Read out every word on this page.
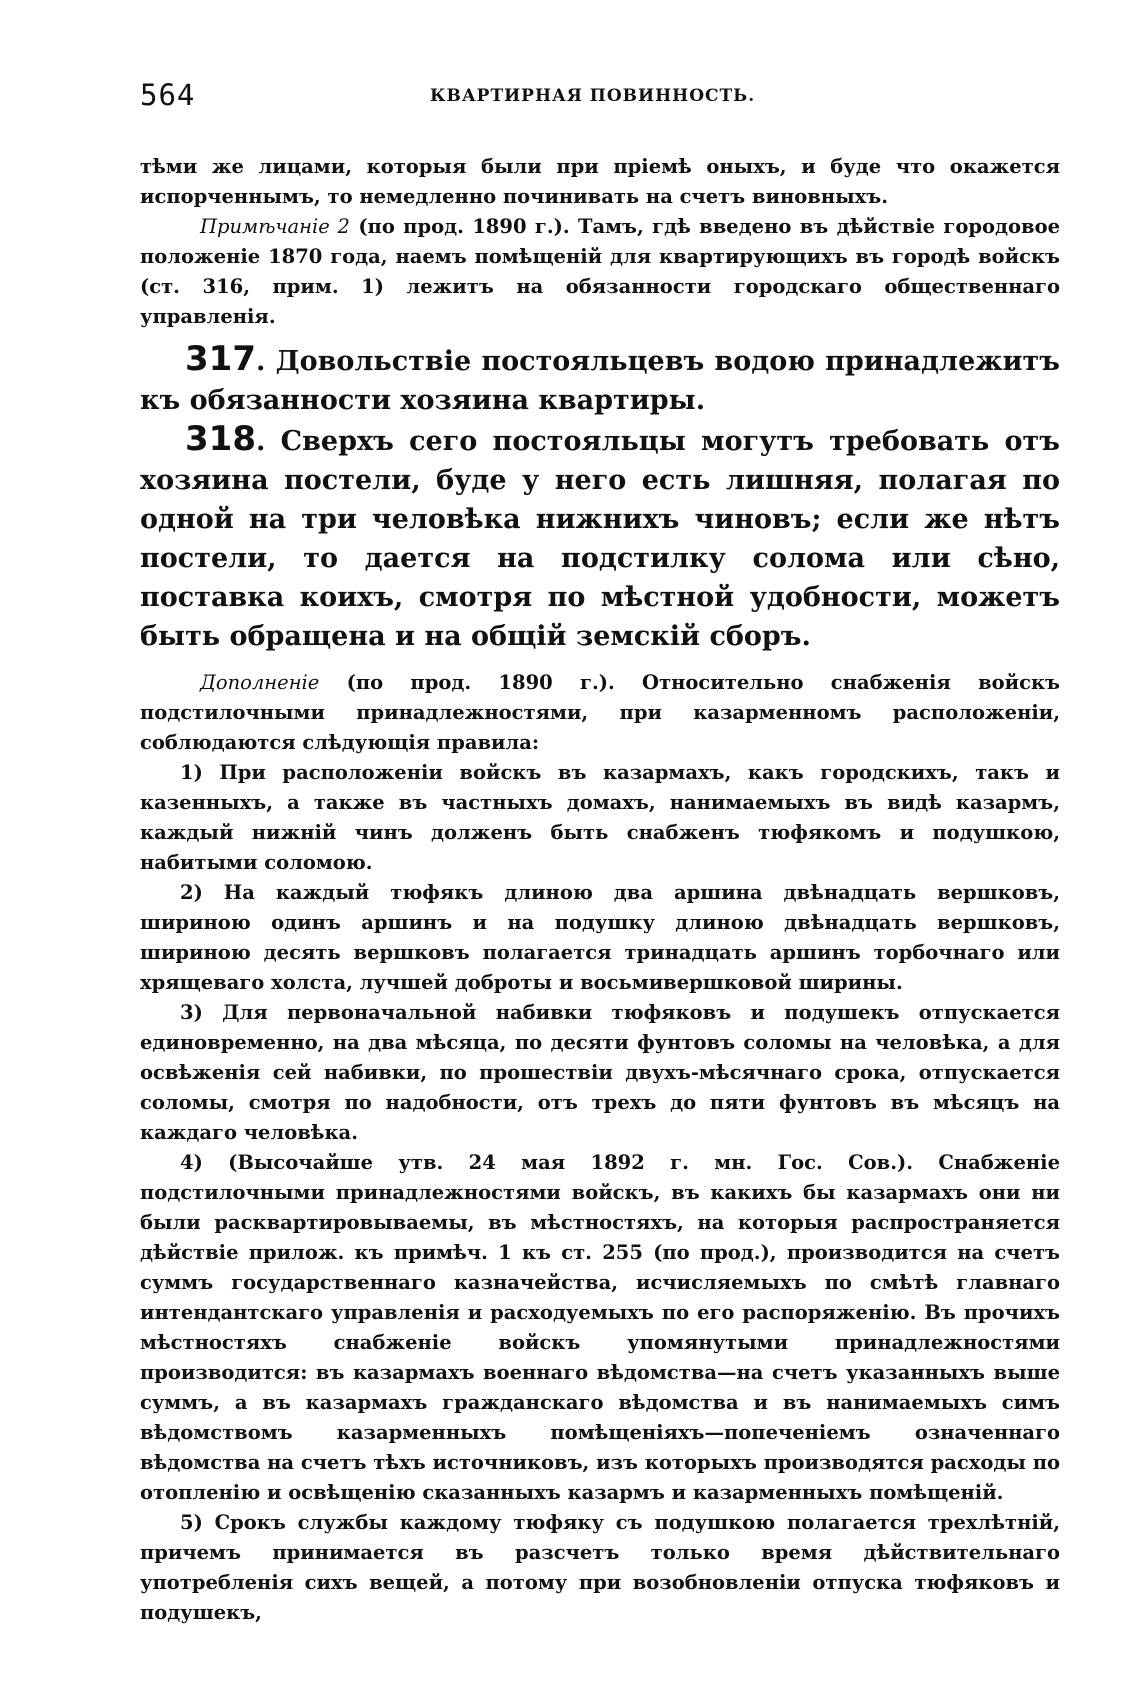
564	КВАРТИРНАЯ ПОВИННОСТЬ.

тѣми же лицами, которыя были при пріемѣ оныхъ, и буде что окажется испорченнымъ, то немедленно починивать на счетъ виновныхъ.

Примѣчаніе 2 (по прод. 1890 г.). Тамъ, гдѣ введено въ дѣйствіе городовое положеніе 1870 года, наемъ помѣщеній для квартирующихъ въ городѣ войскъ (ст. 316, прим. 1) лежитъ на обязанности городскаго общественнаго управленія.

317. Довольствіе постояльцевъ водою принадлежитъ къ обязанности хозяина квартиры.

318. Сверхъ сего постояльцы могутъ требовать отъ хозяина постели, буде у него есть лишняя, полагая по одной на три человѣка нижнихъ чиновъ; если же нѣтъ постели, то дается на подстилку солома или сѣно, поставка коихъ, смотря по мѣстной удобности, можетъ быть обращена и на общій земскій сборъ.

Дополненіе (по прод. 1890 г.). Относительно снабженія войскъ подстилочными принадлежностями, при казарменномъ расположеніи, соблюдаются слѣдующія правила:

1) При расположеніи войскъ въ казармахъ, какъ городскихъ, такъ и казенныхъ, а также въ частныхъ домахъ, нанимаемыхъ въ видѣ казармъ, каждый нижній чинъ долженъ быть снабженъ тюфякомъ и подушкою, набитыми соломою.

2) На каждый тюфякъ длиною два аршина двѣнадцать вершковъ, шириною одинъ аршинъ и на подушку длиною двѣнадцать вершковъ, шириною десять вершковъ полагается тринадцать аршинъ торбочнаго или хрящеваго холста, лучшей доброты и восьмивершковой ширины.

3) Для первоначальной набивки тюфяковъ и подушекъ отпускается единовременно, на два мѣсяца, по десяти фунтовъ соломы на человѣка, а для освѣженія сей набивки, по прошествіи двухъ-мѣсячнаго срока, отпускается соломы, смотря по надобности, отъ трехъ до пяти фунтовъ въ мѣсяцъ на каждаго человѣка.

4) (Высочайше утв. 24 мая 1892 г. мн. Гос. Сов.). Снабженіе подстилочными принадлежностями войскъ, въ какихъ бы казармахъ они ни были расквартировываемы, въ мѣстностяхъ, на которыя распространяется дѣйствіе прилож. къ примѣч. 1 къ ст. 255 (по прод.), производится на счетъ суммъ государственнаго казначейства, исчисляемыхъ по смѣтѣ главнаго интендантскаго управленія и расходуемыхъ по его распоряженію. Въ прочихъ мѣстностяхъ снабженіе войскъ упомянутыми принадлежностями производится: въ казармахъ военнаго вѣдомства—на счетъ указанныхъ выше суммъ, а въ казармахъ гражданскаго вѣдомства и въ нанимаемыхъ симъ вѣдомствомъ казарменныхъ помѣщеніяхъ—попеченіемъ означеннаго вѣдомства на счетъ тѣхъ источниковъ, изъ которыхъ производятся расходы по отопленію и освѣщенію сказанныхъ казармъ и казарменныхъ помѣщеній.

5) Срокъ службы каждому тюфяку съ подушкою полагается трехлѣтній, причемъ принимается въ разсчетъ только время дѣйствительнаго употребленія сихъ вещей, а потому при возобновленіи отпуска тюфяковъ и подушекъ,
